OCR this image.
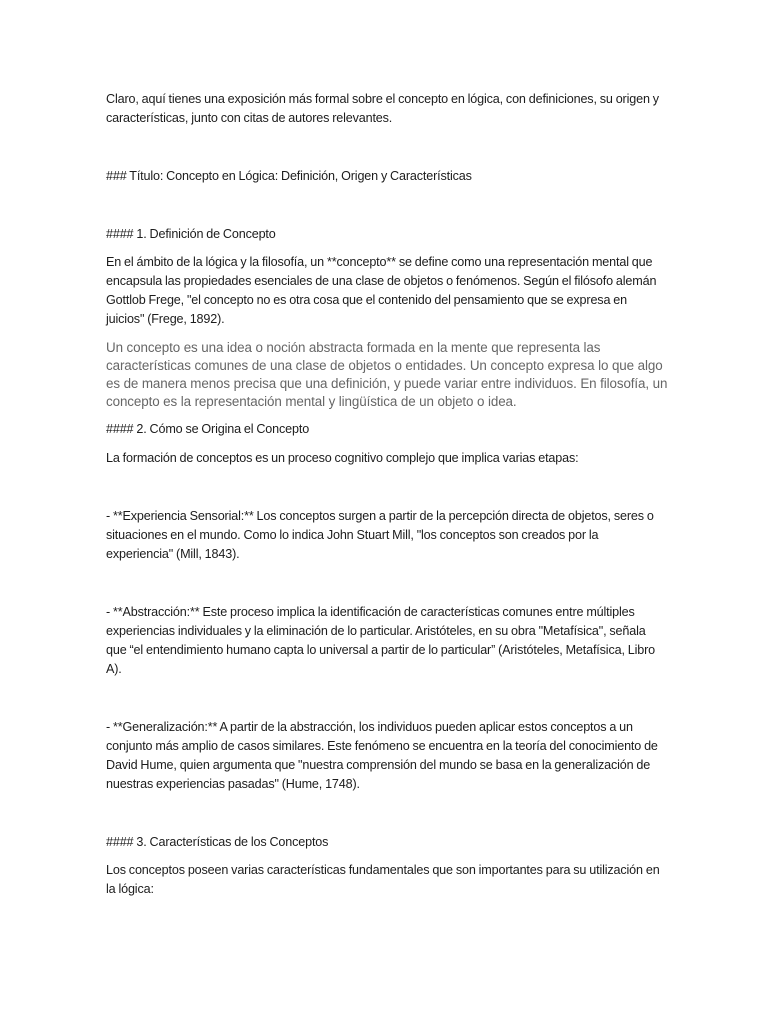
Claro, aquí tienes una exposición más formal sobre el concepto en lógica, con definiciones, su origen y características, junto con citas de autores relevantes.

### Título: Concepto en Lógica: Definición, Origen y Características

#### 1. Definición de Concepto

En el ámbito de la lógica y la filosofía, un **concepto** se define como una representación mental que encapsula las propiedades esenciales de una clase de objetos o fenómenos. Según el filósofo alemán Gottlob Frege, "el concepto no es otra cosa que el contenido del pensamiento que se expresa en juicios" (Frege, 1892).

Un concepto es una idea o noción abstracta formada en la mente que representa las características comunes de una clase de objetos o entidades. Un concepto expresa lo que algo es de manera menos precisa que una definición, y puede variar entre individuos. En filosofía, un concepto es la representación mental y lingüística de un objeto o idea.

#### 2. Cómo se Origina el Concepto

La formación de conceptos es un proceso cognitivo complejo que implica varias etapas:

- **Experiencia Sensorial:** Los conceptos surgen a partir de la percepción directa de objetos, seres o situaciones en el mundo. Como lo indica John Stuart Mill, "los conceptos son creados por la experiencia" (Mill, 1843).

- **Abstracción:** Este proceso implica la identificación de características comunes entre múltiples experiencias individuales y la eliminación de lo particular. Aristóteles, en su obra "Metafísica", señala que “el entendimiento humano capta lo universal a partir de lo particular” (Aristóteles, Metafísica, Libro A).

- **Generalización:** A partir de la abstracción, los individuos pueden aplicar estos conceptos a un conjunto más amplio de casos similares. Este fenómeno se encuentra en la teoría del conocimiento de David Hume, quien argumenta que "nuestra comprensión del mundo se basa en la generalización de nuestras experiencias pasadas" (Hume, 1748).

#### 3. Características de los Conceptos

Los conceptos poseen varias características fundamentales que son importantes para su utilización en la lógica:
